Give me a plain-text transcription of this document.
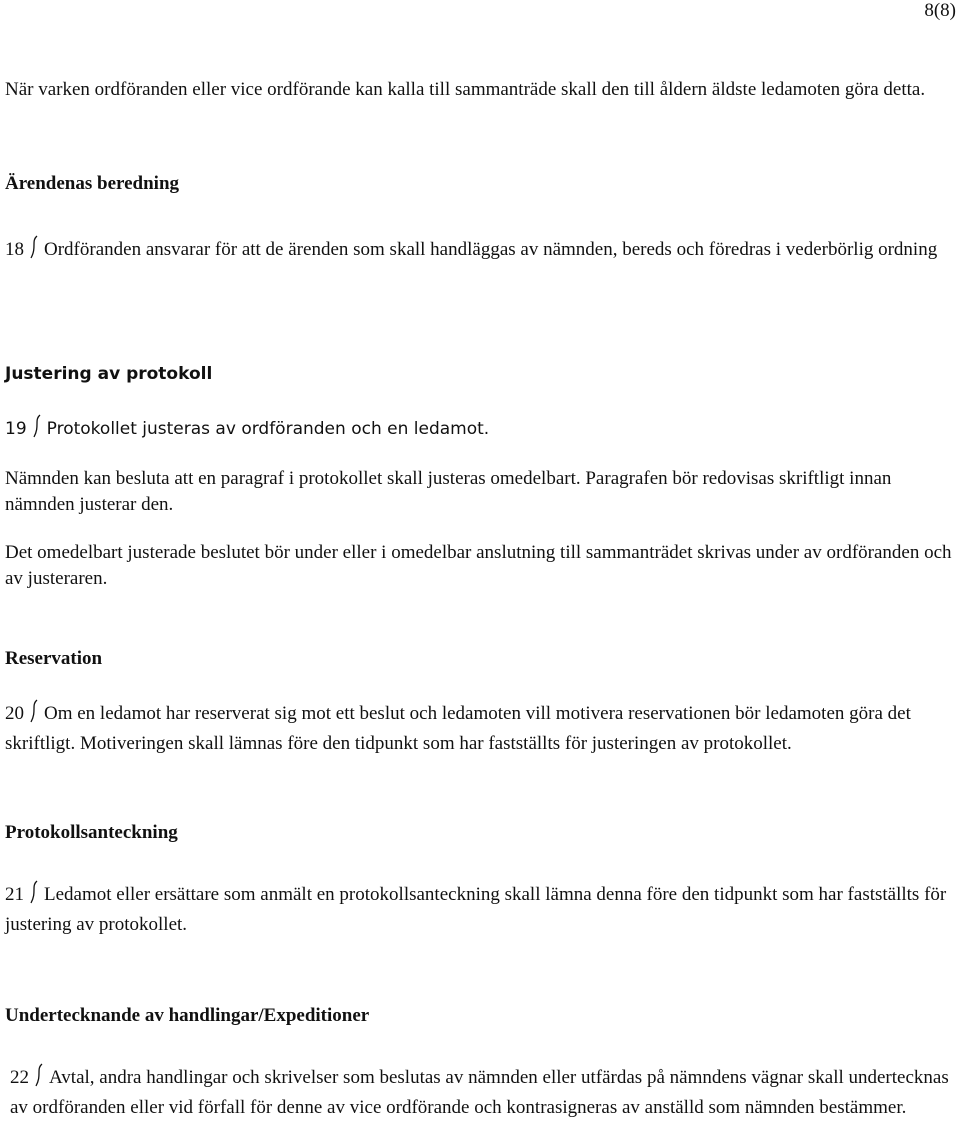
8(8)

När varken ordföranden eller vice ordförande kan kalla till sammanträde skall den till åldern äldste ledamoten göra detta.

Ärendenas beredning

18 Ordföranden ansvarar för att de ärenden som skall handläggas av nämnden, bereds och föredras i vederbörlig ordning

Justering av protokoll

19 Protokollet justeras av ordföranden och en ledamot.

Nämnden kan besluta att en paragraf i protokollet skall justeras omedelbart. Paragrafen bör redovisas skriftligt innan nämnden justerar den.

Det omedelbart justerade beslutet bör under eller i omedelbar anslutning till sammanträdet skrivas under av ordföranden och av justeraren.

Reservation

20 Om en ledamot har reserverat sig mot ett beslut och ledamoten vill motivera reservationen bör ledamoten göra det skriftligt. Motiveringen skall lämnas före den tidpunkt som har fastställts för justeringen av protokollet.

Protokollsanteckning

21 Ledamot eller ersättare som anmält en protokollsanteckning skall lämna denna före den tidpunkt som har fastställts för justering av protokollet.

Undertecknande av handlingar/Expeditioner

22 Avtal, andra handlingar och skrivelser som beslutas av nämnden eller utfärdas på nämndens vägnar skall undertecknas av ordföranden eller vid förfall för denne av vice ordförande och kontrasigneras av anställd som nämnden bestämmer.
